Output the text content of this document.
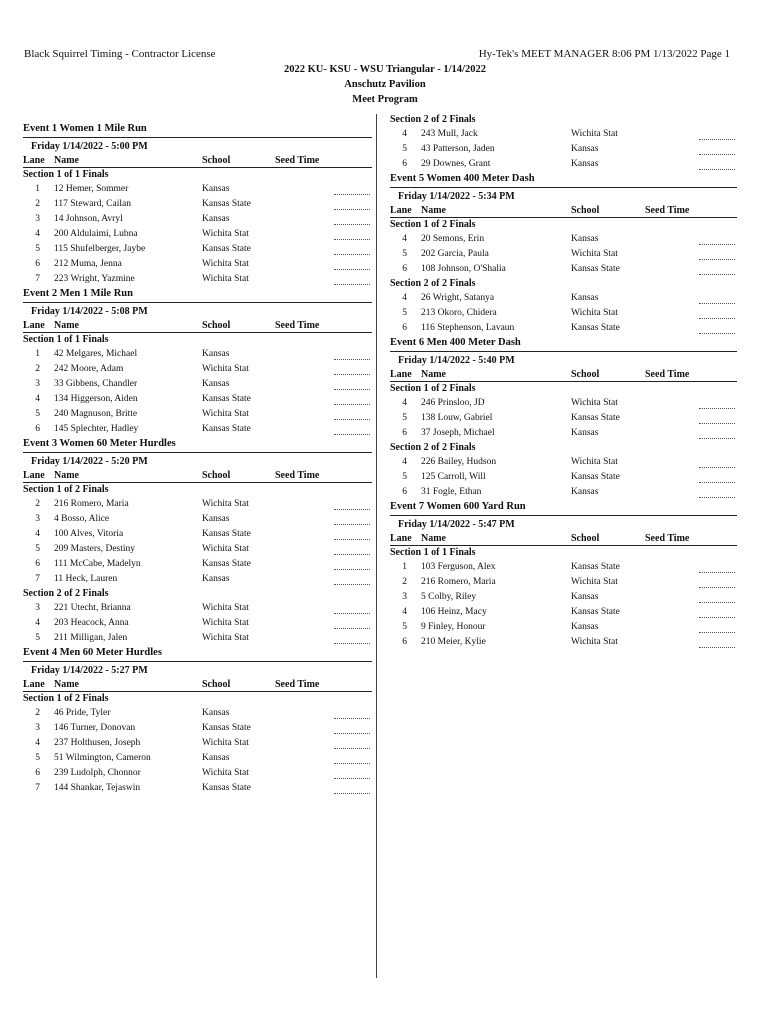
Black Squirrel Timing - Contractor License	Hy-Tek's MEET MANAGER 8:06 PM 1/13/2022 Page 1
2022 KU- KSU - WSU Triangular - 1/14/2022
Anschutz Pavilion
Meet Program
Event 1 Women 1 Mile Run
Friday 1/14/2022 - 5:00 PM
Lane Name	School	Seed Time
Section 1 of 1 Finals
1 12 Hemer, Sommer	Kansas
2 117 Steward, Cailan	Kansas State
3 14 Johnson, Avryl	Kansas
4 200 Aldulaimi, Lubna	Wichita Stat
5 115 Shufelberger, Jaybe	Kansas State
6 212 Muma, Jenna	Wichita Stat
7 223 Wright, Yazmine	Wichita Stat
Event 2 Men 1 Mile Run
Friday 1/14/2022 - 5:08 PM
Lane Name	School	Seed Time
Section 1 of 1 Finals
1 42 Melgares, Michael	Kansas
2 242 Moore, Adam	Wichita Stat
3 33 Gibbens, Chandler	Kansas
4 134 Higgerson, Aiden	Kansas State
5 240 Magnuson, Britte	Wichita Stat
6 145 Splechter, Hadley	Kansas State
Event 3 Women 60 Meter Hurdles
Friday 1/14/2022 - 5:20 PM
Lane Name	School	Seed Time
Section 1 of 2 Finals
2 216 Romero, Maria	Wichita Stat
3 4 Bosso, Alice	Kansas
4 100 Alves, Vitoria	Kansas State
5 209 Masters, Destiny	Wichita Stat
6 111 McCabe, Madelyn	Kansas State
7 11 Heck, Lauren	Kansas
Section 2 of 2 Finals
3 221 Utecht, Brianna	Wichita Stat
4 203 Heacock, Anna	Wichita Stat
5 211 Milligan, Jalen	Wichita Stat
Event 4 Men 60 Meter Hurdles
Friday 1/14/2022 - 5:27 PM
Lane Name	School	Seed Time
Section 1 of 2 Finals
2 46 Pride, Tyler	Kansas
3 146 Turner, Donovan	Kansas State
4 237 Holthusen, Joseph	Wichita Stat
5 51 Wilmington, Cameron	Kansas
6 239 Ludolph, Chonnor	Wichita Stat
7 144 Shankar, Tejaswin	Kansas State
Section 2 of 2 Finals
4 243 Mull, Jack	Wichita Stat
5 43 Patterson, Jaden	Kansas
6 29 Downes, Grant	Kansas
Event 5 Women 400 Meter Dash
Friday 1/14/2022 - 5:34 PM
Lane Name	School	Seed Time
Section 1 of 2 Finals
4 20 Semons, Erin	Kansas
5 202 Garcia, Paula	Wichita Stat
6 108 Johnson, O'Shalia	Kansas State
Section 2 of 2 Finals
4 26 Wright, Satanya	Kansas
5 213 Okoro, Chidera	Wichita Stat
6 116 Stephenson, Lavaun	Kansas State
Event 6 Men 400 Meter Dash
Friday 1/14/2022 - 5:40 PM
Lane Name	School	Seed Time
Section 1 of 2 Finals
4 246 Prinsloo, JD	Wichita Stat
5 138 Louw, Gabriel	Kansas State
6 37 Joseph, Michael	Kansas
Section 2 of 2 Finals
4 226 Bailey, Hudson	Wichita Stat
5 125 Carroll, Will	Kansas State
6 31 Fogle, Ethan	Kansas
Event 7 Women 600 Yard Run
Friday 1/14/2022 - 5:47 PM
Lane Name	School	Seed Time
Section 1 of 1 Finals
1 103 Ferguson, Alex	Kansas State
2 216 Romero, Maria	Wichita Stat
3 5 Colby, Riley	Kansas
4 106 Heinz, Macy	Kansas State
5 9 Finley, Honour	Kansas
6 210 Meier, Kylie	Wichita Stat
